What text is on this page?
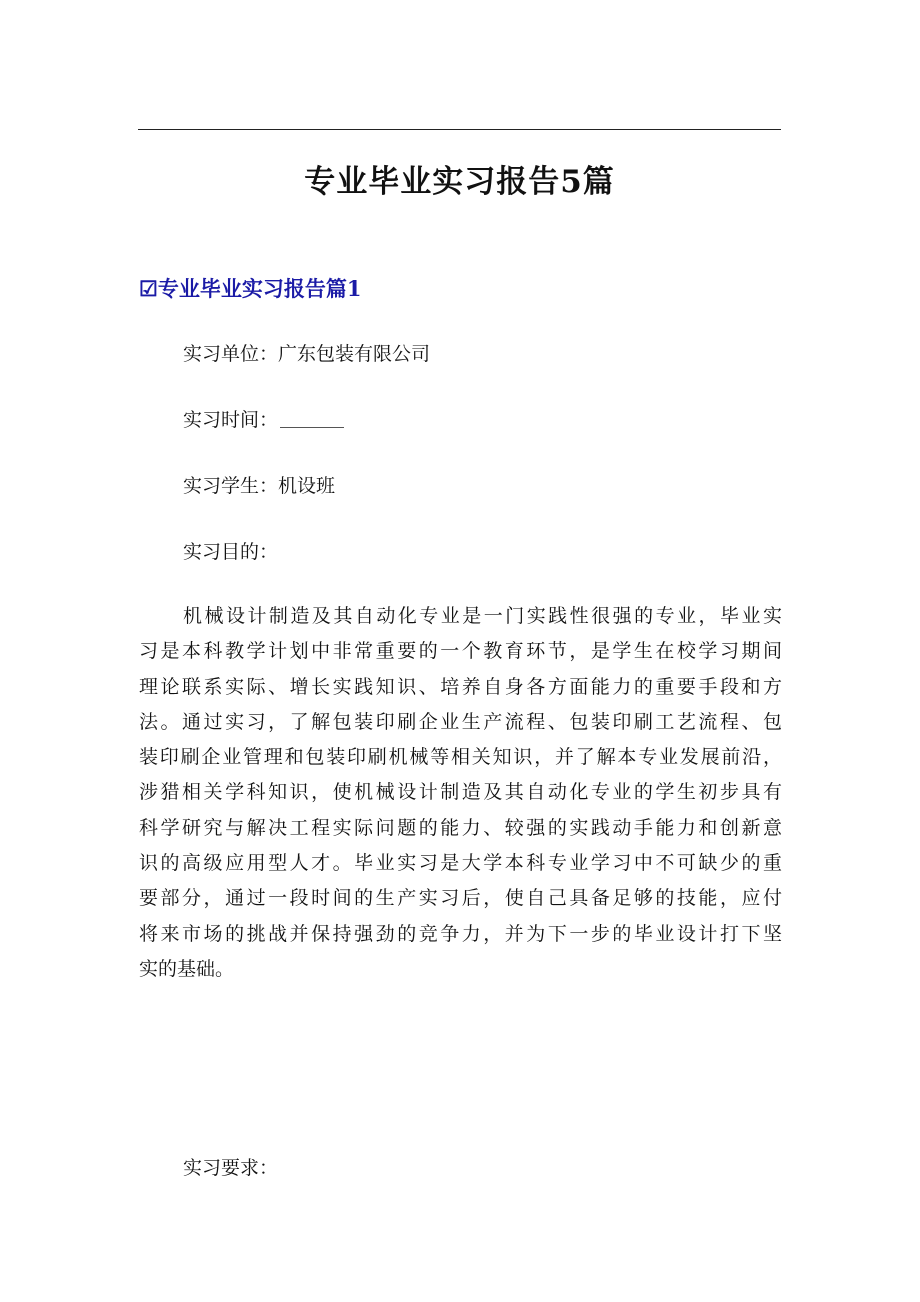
专业毕业实习报告5篇
☑专业毕业实习报告篇1

实习单位：广东包装有限公司

实习时间：

实习学生：机设班

实习目的：

机械设计制造及其自动化专业是一门实践性很强的专业，毕业实
习是本科教学计划中非常重要的一个教育环节，是学生在校学习期间
理论联系实际、增长实践知识、培养自身各方面能力的重要手段和方
法。通过实习，了解包装印刷企业生产流程、包装印刷工艺流程、包
装印刷企业管理和包装印刷机械等相关知识，并了解本专业发展前沿，
涉猎相关学科知识，使机械设计制造及其自动化专业的学生初步具有
科学研究与解决工程实际问题的能力、较强的实践动手能力和创新意
识的高级应用型人才。毕业实习是大学本科专业学习中不可缺少的重
要部分，通过一段时间的生产实习后，使自己具备足够的技能，应付
将来市场的挑战并保持强劲的竞争力，并为下一步的毕业设计打下坚
实的基础。

实习要求：
